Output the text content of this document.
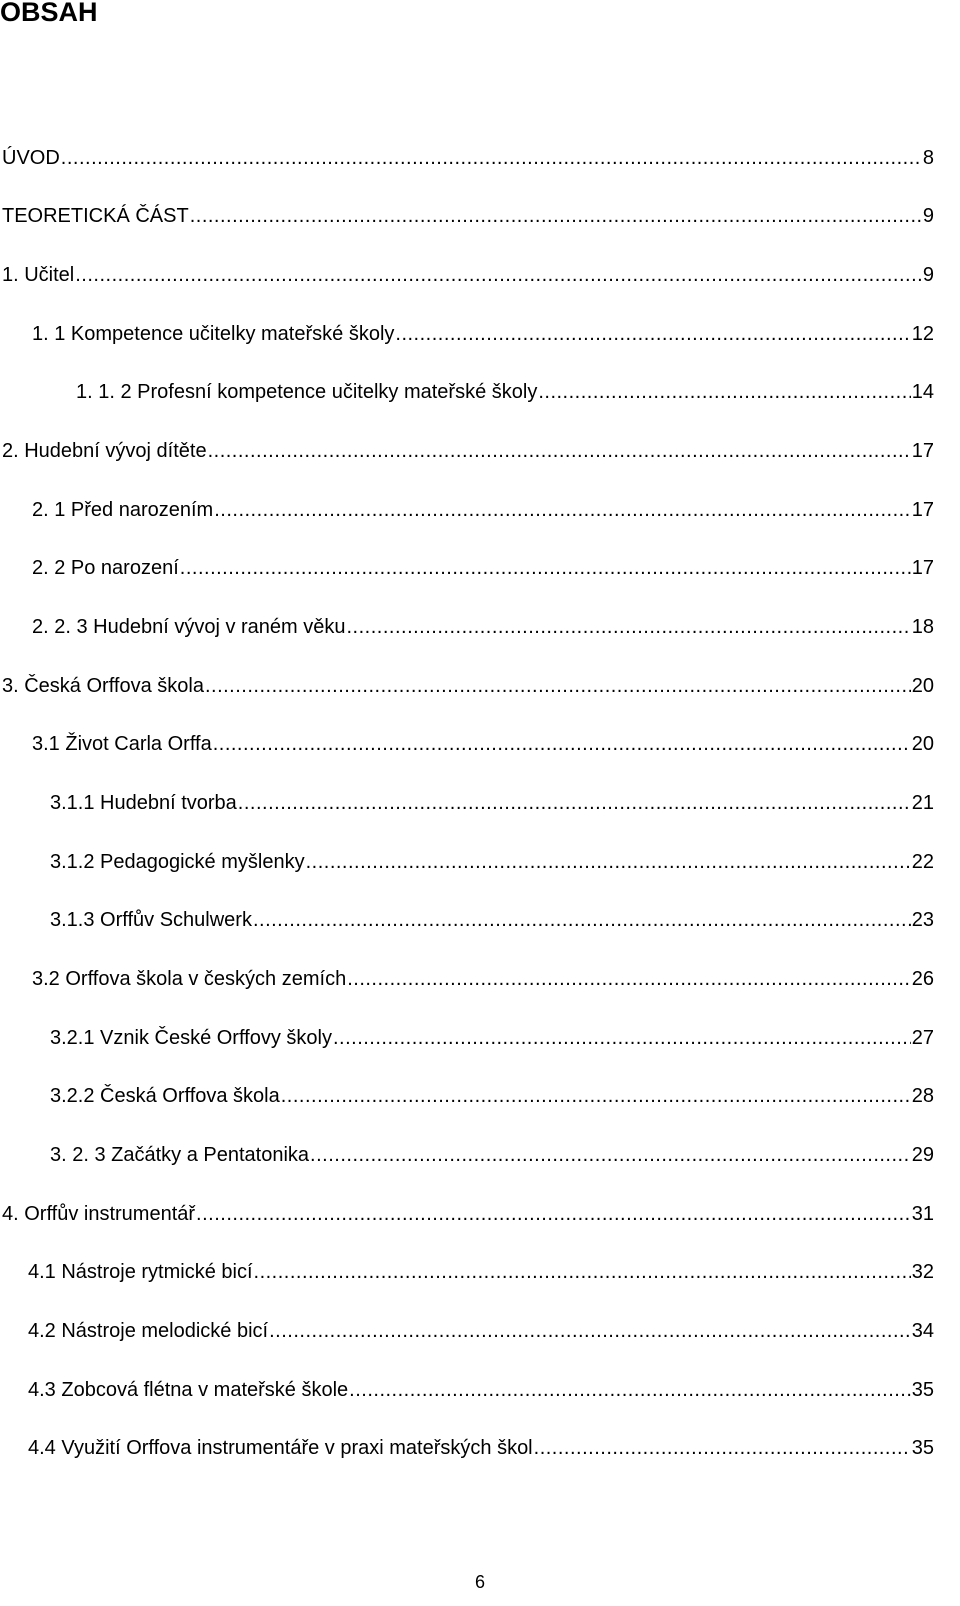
OBSAH
ÚVOD .....	8
TEORETICKÁ ČÁST .....	9
1. Učitel .....	9
1. 1 Kompetence učitelky mateřské školy .....	12
1. 1. 2 Profesní kompetence učitelky mateřské školy .....	14
2. Hudební vývoj dítěte .....	17
2. 1 Před narozením .....	17
2. 2 Po narození .....	17
2. 2. 3 Hudební vývoj v raném věku .....	18
3. Česká Orffova škola .....	20
3.1 Život Carla Orffa .....	20
3.1.1 Hudební tvorba .....	21
3.1.2 Pedagogické myšlenky .....	22
3.1.3 Orffův Schulwerk .....	23
3.2 Orffova škola v českých zemích .....	26
3.2.1 Vznik České Orffovy školy .....	27
3.2.2 Česká Orffova škola .....	28
3. 2. 3 Začátky a Pentatonika .....	29
4. Orffův instrumentář .....	31
4.1 Nástroje rytmické bicí .....	32
4.2 Nástroje melodické bicí .....	34
4.3 Zobcová flétna v mateřské škole .....	35
4.4 Využití Orffova instrumentáře v praxi mateřských škol .....	35
6
